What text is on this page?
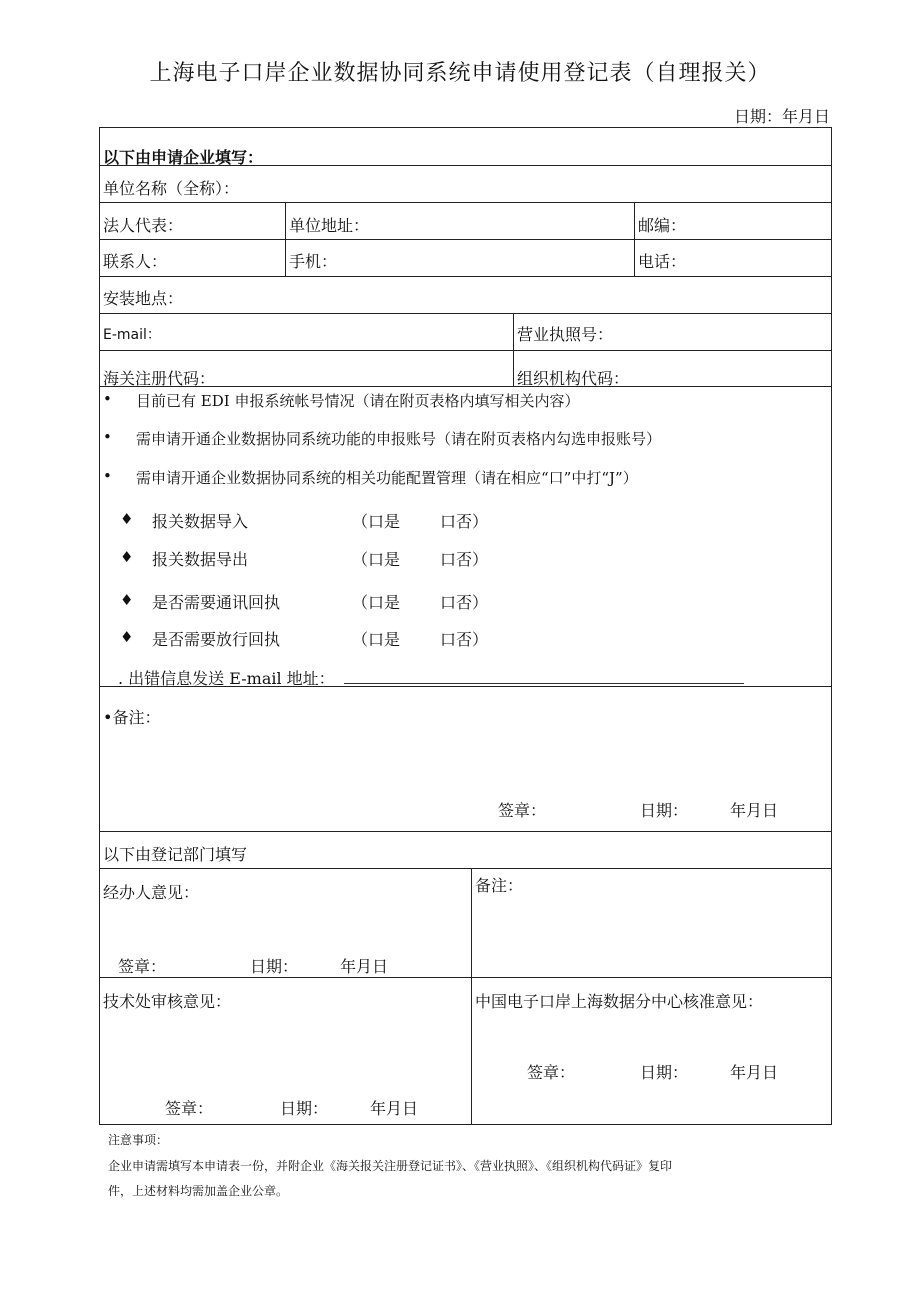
上海电子口岸企业数据协同系统申请使用登记表（自理报关）
日期：年月日
以下由申请企业填写：
单位名称（全称）：
法人代表：	单位地址：	邮编：
联系人：	手机：	电话：
安装地点：
E-mail：	营业执照号：
海关注册代码：	组织机构代码：
• 目前已有 EDI 申报系统帐号情况（请在附页表格内填写相关内容）
• 需申请开通企业数据协同系统功能的申报账号（请在附页表格内勾选申报账号）
• 需申请开通企业数据协同系统的相关功能配置管理（请在相应“口”中打“J”）
♦ 报关数据导入	（口是 口否）
♦ 报关数据导出	（口是 口否）
♦ 是否需要通讯回执	（口是 口否）
♦ 是否需要放行回执	（口是 口否）
. 出错信息发送 E-mail 地址：
•备注：
签章：	日期：	年月日
以下由登记部门填写
经办人意见：	备注：
签章：	日期：	年月日
技术处审核意见：	中国电子口岸上海数据分中心核准意见：
签章：	日期：	年月日
签章：	日期：	年月日
注意事项：
企业申请需填写本申请表一份，并附企业《海关报关注册登记证书》、《营业执照》、《组织机构代码证》复印
件，上述材料均需加盖企业公章。
